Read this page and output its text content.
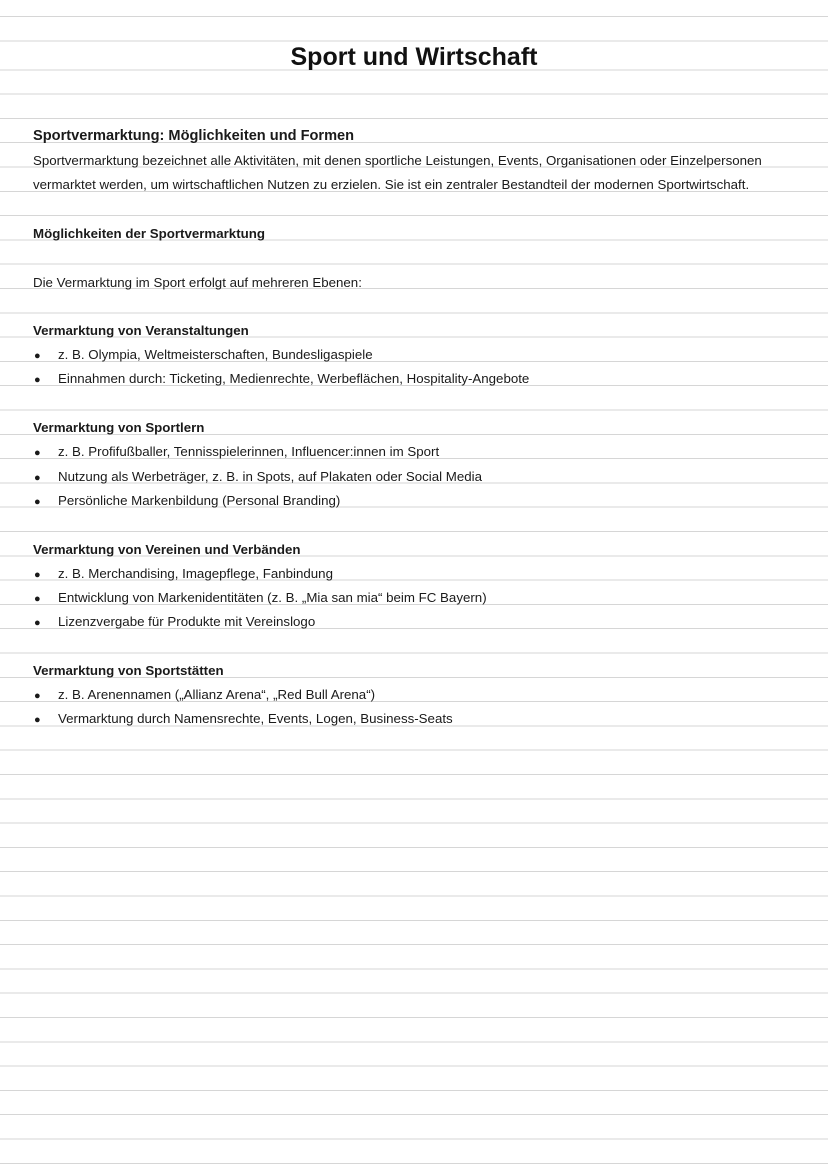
Sport und Wirtschaft
Sportvermarktung: Möglichkeiten und Formen
Sportvermarktung bezeichnet alle Aktivitäten, mit denen sportliche Leistungen, Events, Organisationen oder Einzelpersonen
vermarktet werden, um wirtschaftlichen Nutzen zu erzielen. Sie ist ein zentraler Bestandteil der modernen Sportwirtschaft.
Möglichkeiten der Sportvermarktung
Die Vermarktung im Sport erfolgt auf mehreren Ebenen:
Vermarktung von Veranstaltungen
●	z. B. Olympia, Weltmeisterschaften, Bundesligaspiele
●	Einnahmen durch: Ticketing, Medienrechte, Werbeflächen, Hospitality-Angebote
Vermarktung von Sportlern
●	z. B. Profifußballer, Tennisspielerinnen, Influencer:innen im Sport
●	Nutzung als Werbeträger, z. B. in Spots, auf Plakaten oder Social Media
●	Persönliche Markenbildung (Personal Branding)
Vermarktung von Vereinen und Verbänden
●	z. B. Merchandising, Imagepflege, Fanbindung
●	Entwicklung von Markenidentitäten (z. B. „Mia san mia“ beim FC Bayern)
●	Lizenzvergabe für Produkte mit Vereinslogo
Vermarktung von Sportstätten
●	z. B. Arenennamen („Allianz Arena“, „Red Bull Arena“)
●	Vermarktung durch Namensrechte, Events, Logen, Business-Seats
